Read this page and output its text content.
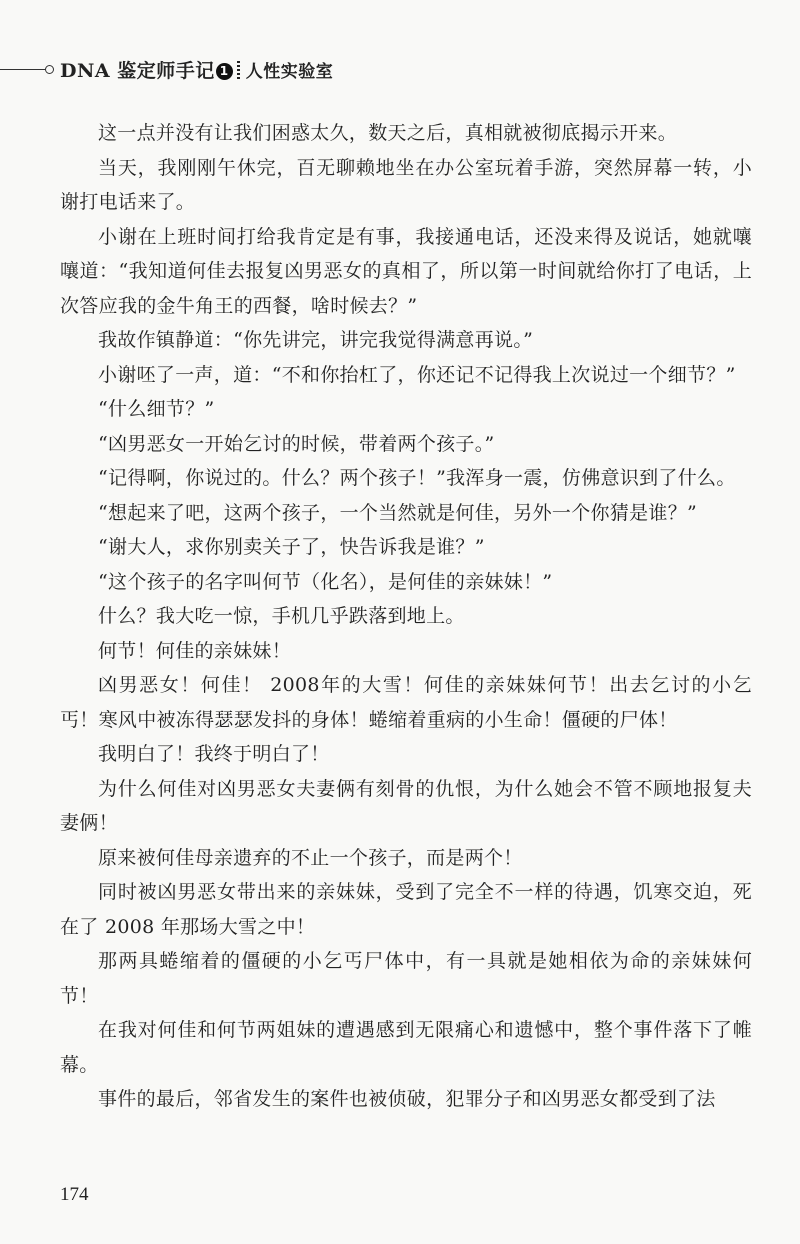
DNA 鉴定师手记 1 人性实验室

这一点并没有让我们困惑太久，数天之后，真相就被彻底揭示开来。

当天，我刚刚午休完，百无聊赖地坐在办公室玩着手游，突然屏幕一转，小谢打电话来了。

小谢在上班时间打给我肯定是有事，我接通电话，还没来得及说话，她就嚷嚷道：“我知道何佳去报复凶男恶女的真相了，所以第一时间就给你打了电话，上次答应我的金牛角王的西餐，啥时候去？”

我故作镇静道：“你先讲完，讲完我觉得满意再说。”

小谢呸了一声，道：“不和你抬杠了，你还记不记得我上次说过一个细节？”

“什么细节？”

“凶男恶女一开始乞讨的时候，带着两个孩子。”

“记得啊，你说过的。什么？两个孩子！”我浑身一震，仿佛意识到了什么。

“想起来了吧，这两个孩子，一个当然就是何佳，另外一个你猜是谁？”

“谢大人，求你别卖关子了，快告诉我是谁？”

“这个孩子的名字叫何节（化名），是何佳的亲妹妹！”

什么？我大吃一惊，手机几乎跌落到地上。

何节！何佳的亲妹妹！

凶男恶女！何佳！ 2008年的大雪！何佳的亲妹妹何节！出去乞讨的小乞丐！寒风中被冻得瑟瑟发抖的身体！蜷缩着重病的小生命！僵硬的尸体！

我明白了！我终于明白了！

为什么何佳对凶男恶女夫妻俩有刻骨的仇恨，为什么她会不管不顾地报复夫妻俩！

原来被何佳母亲遗弃的不止一个孩子，而是两个！

同时被凶男恶女带出来的亲妹妹，受到了完全不一样的待遇，饥寒交迫，死在了 2008 年那场大雪之中！

那两具蜷缩着的僵硬的小乞丐尸体中，有一具就是她相依为命的亲妹妹何节！

在我对何佳和何节两姐妹的遭遇感到无限痛心和遗憾中，整个事件落下了帷幕。

事件的最后，邻省发生的案件也被侦破，犯罪分子和凶男恶女都受到了法

174
